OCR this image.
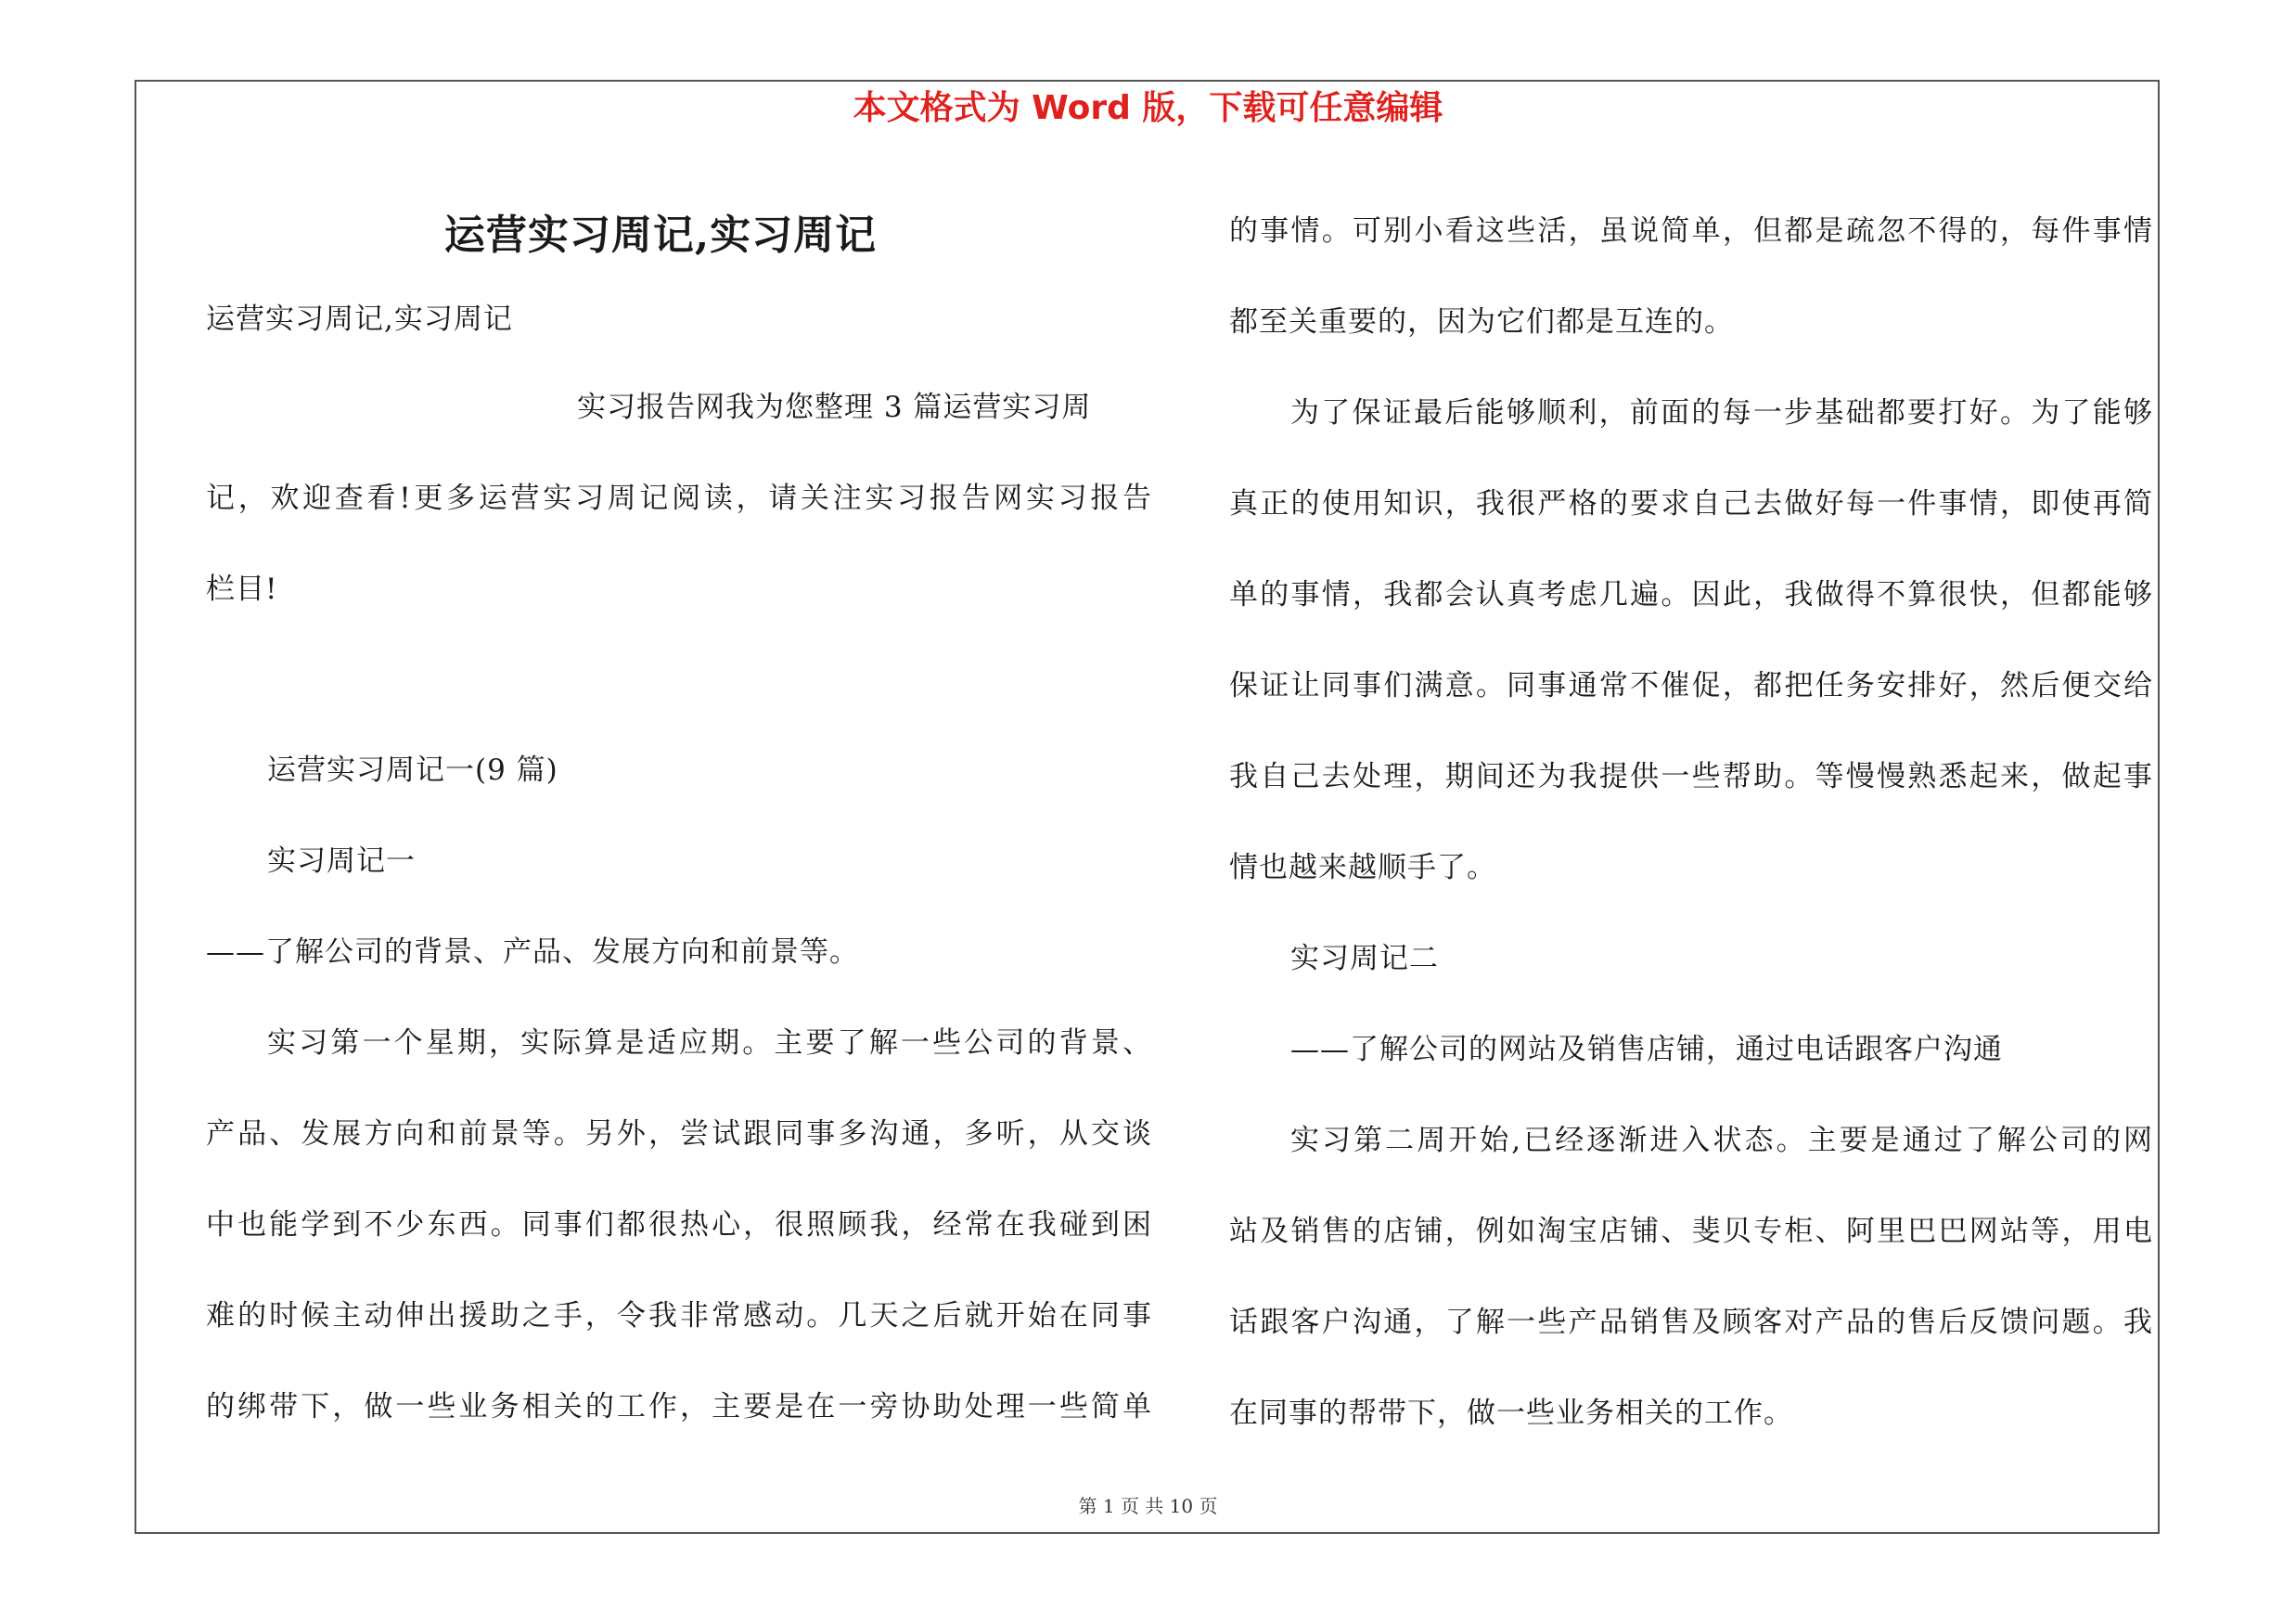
本文格式为 Word 版，下载可任意编辑
运营实习周记,实习周记

运营实习周记,实习周记

实习报告网我为您整理 3 篇运营实习周

记，欢迎查看!更多运营实习周记阅读，请关注实习报告网实习报告

栏目!

运营实习周记一(9 篇)

实习周记一

——了解公司的背景、产品、发展方向和前景等。

实习第一个星期，实际算是适应期。主要了解一些公司的背景、

产品、发展方向和前景等。另外，尝试跟同事多沟通，多听，从交谈

中也能学到不少东西。同事们都很热心，很照顾我，经常在我碰到困

难的时候主动伸出援助之手，令我非常感动。几天之后就开始在同事

的绑带下，做一些业务相关的工作，主要是在一旁协助处理一些简单

的事情。可别小看这些活，虽说简单，但都是疏忽不得的，每件事情

都至关重要的，因为它们都是互连的。

为了保证最后能够顺利，前面的每一步基础都要打好。为了能够

真正的使用知识，我很严格的要求自己去做好每一件事情，即使再简

单的事情，我都会认真考虑几遍。因此，我做得不算很快，但都能够

保证让同事们满意。同事通常不催促，都把任务安排好，然后便交给

我自己去处理，期间还为我提供一些帮助。等慢慢熟悉起来，做起事

情也越来越顺手了。

实习周记二

——了解公司的网站及销售店铺，通过电话跟客户沟通

实习第二周开始,已经逐渐进入状态。主要是通过了解公司的网

站及销售的店铺，例如淘宝店铺、斐贝专柜、阿里巴巴网站等，用电

话跟客户沟通，了解一些产品销售及顾客对产品的售后反馈问题。我

在同事的帮带下，做一些业务相关的工作。

第 1 页 共 10 页
